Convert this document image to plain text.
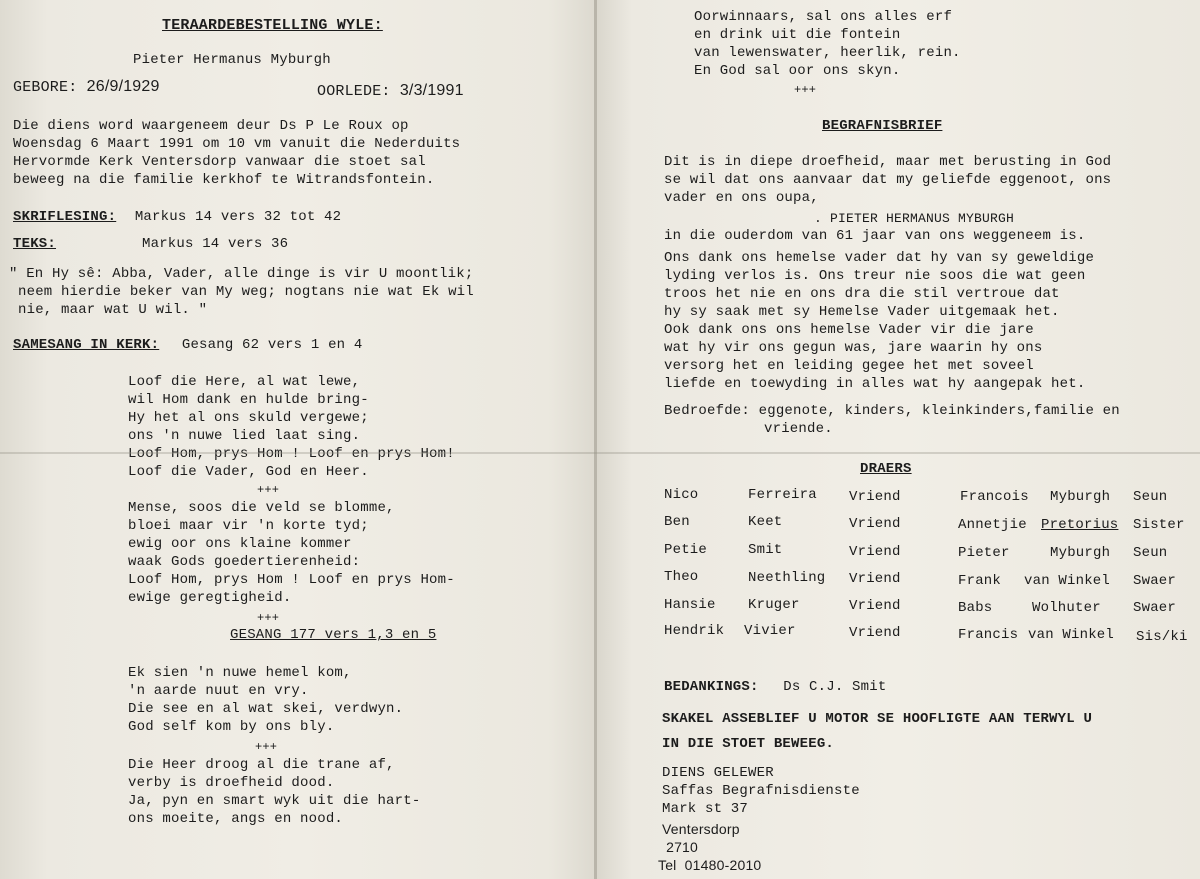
TERAARDEBESTELLING WYLE:
Pieter Hermanus Myburgh
GEBORE: 26/9/1929	OORLEDE: 3/3/1991
Die diens word waargeneem deur Ds P Le Roux op
Woensdag 6 Maart 1991 om 10 vm vanuit die Nederduits
Hervormde Kerk Ventersdorp vanwaar die stoet sal
beweeg na die familie kerkhof te Witrandsfontein.
SKRIFLESING: Markus 14 vers 32 tot 42
TEKS:	Markus 14 vers 36
" En Hy sê: Abba, Vader, alle dinge is vir U moontlik;
neem hierdie beker van My weg; nogtans nie wat Ek wil
nie, maar wat U wil. "
SAMESANG IN KERK: Gesang 62 vers 1 en 4
Loof die Here, al wat lewe,
wil Hom dank en hulde bring-
Hy het al ons skuld vergewe;
ons 'n nuwe lied laat sing.
Loof Hom, prys Hom ! Loof en prys Hom!
Loof die Vader, God en Heer.
+++
Mense, soos die veld se blomme,
bloei maar vir 'n korte tyd;
ewig oor ons klaine kommer
waak Gods goedertierenheid:
Loof Hom, prys Hom ! Loof en prys Hom-
ewige geregtigheid.
+++
GESANG 177 vers 1,3 en 5
Ek sien 'n nuwe hemel kom,
'n aarde nuut en vry.
Die see en al wat skei, verdwyn.
God self kom by ons bly.
+++
Die Heer droog al die trane af,
verby is droefheid dood.
Ja, pyn en smart wyk uit die hart-
ons moeite, angs en nood.
Oorwinnaars, sal ons alles erf
en drink uit die fontein
van lewenswater, heerlik, rein.
En God sal oor ons skyn.
+++
BEGRAFNISBRIEF
Dit is in diepe droefheid, maar met berusting in God
se wil dat ons aanvaar dat my geliefde eggenoot, ons
vader en ons oupa,
. PIETER HERMANUS MYBURGH
in die ouderdom van 61 jaar van ons weggeneem is.
Ons dank ons hemelse vader dat hy van sy geweldige
lyding verlos is. Ons treur nie soos die wat geen
troos het nie en ons dra die stil vertroue dat
hy sy saak met sy Hemelse Vader uitgemaak het.
Ook dank ons ons hemelse Vader vir die jare
wat hy vir ons gegun was, jare waarin hy ons
versorg het en leiding gegee het met soveel
liefde en toewyding in alles wat hy aangepak het.
Bedroefde: eggenote, kinders, kleinkinders,familie en
vriende.
DRAERS
Nico	Ferreira Vriend
Ben	Keet	Vriend
Petie	Smit	Vriend
Theo	Neethling Vriend
Hansie Kruger	Vriend
Hendrik Vivier	Vriend
Francois Myburgh Seun
Annetjie Pretorius Sister
Pieter	Myburgh Seun
Frank van Winkel Swaer
Babs	Wolhuter Swaer
Francis van Winkel Sis/ki
BEDANKINGS: Ds C.J. Smit
SKAKEL ASSEBLIEF U MOTOR SE HOOFLIGTE AAN TERWYL U
IN DIE STOET BEWEEG.
DIENS GELEWER
Saffas Begrafnisdienste
Mark st 37
Ventersdorp
2710
Tel  01480-2010
